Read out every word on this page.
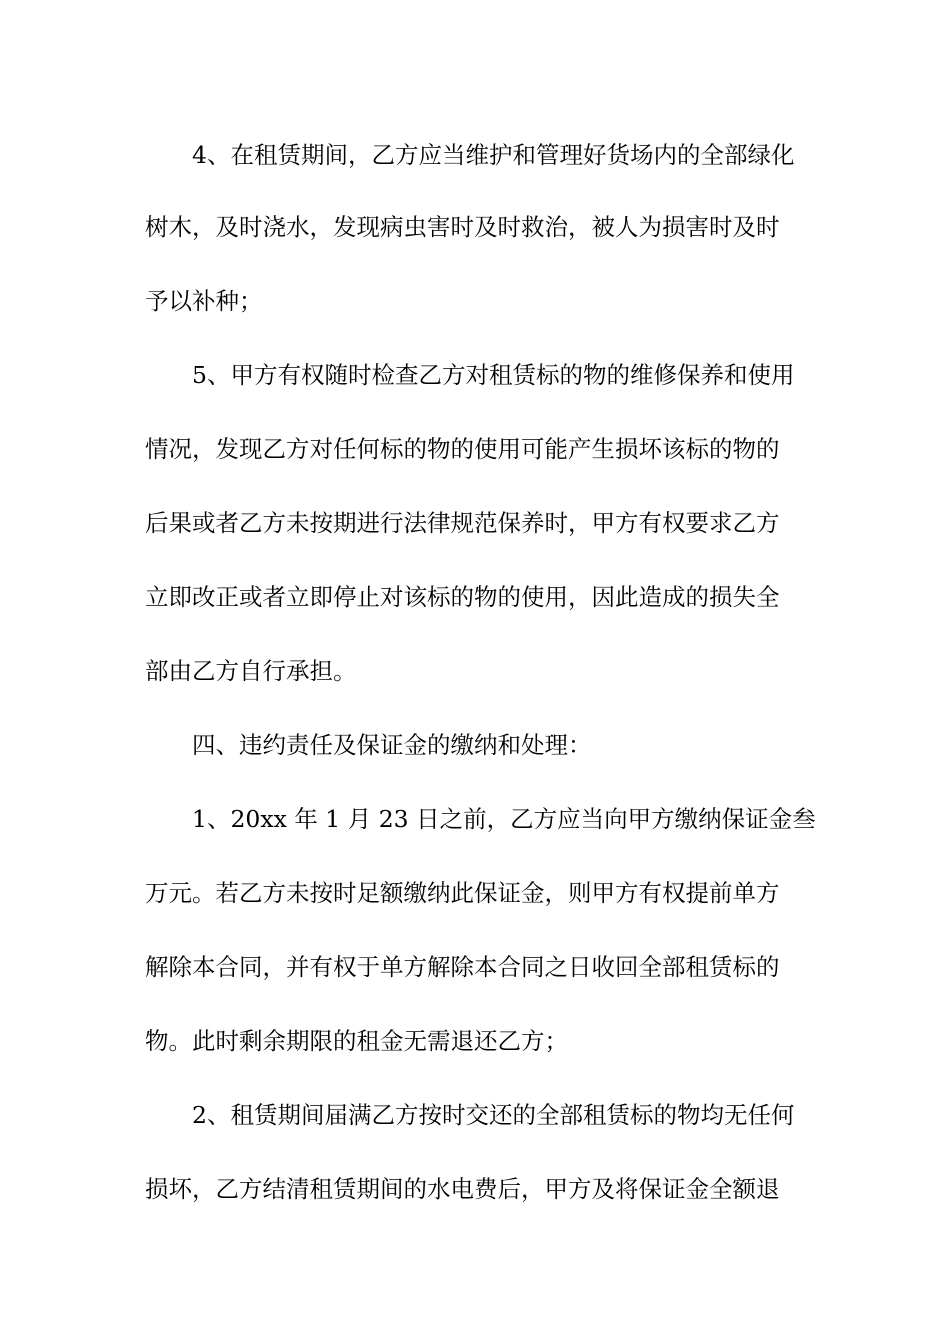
4、在租赁期间，乙方应当维护和管理好货场内的全部绿化
树木，及时浇水，发现病虫害时及时救治，被人为损害时及时
予以补种；
5、甲方有权随时检查乙方对租赁标的物的维修保养和使用
情况，发现乙方对任何标的物的使用可能产生损坏该标的物的
后果或者乙方未按期进行法律规范保养时，甲方有权要求乙方
立即改正或者立即停止对该标的物的使用，因此造成的损失全
部由乙方自行承担。
四、违约责任及保证金的缴纳和处理：
1、20xx 年 1 月 23 日之前，乙方应当向甲方缴纳保证金叁
万元。若乙方未按时足额缴纳此保证金，则甲方有权提前单方
解除本合同，并有权于单方解除本合同之日收回全部租赁标的
物。此时剩余期限的租金无需退还乙方；
2、租赁期间届满乙方按时交还的全部租赁标的物均无任何
损坏，乙方结清租赁期间的水电费后，甲方及将保证金全额退
